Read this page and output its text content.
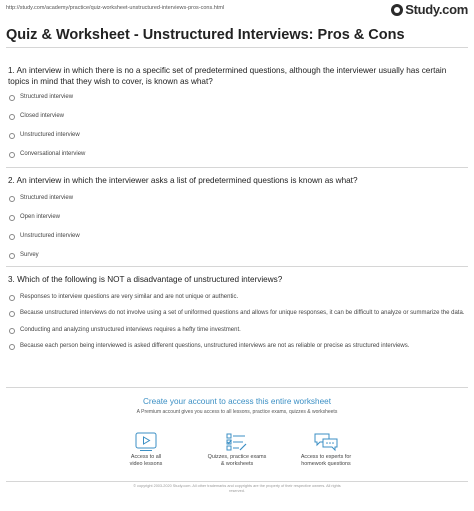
http://study.com/academy/practice/quiz-worksheet-unstructured-interviews-pros-cons.html	Study.com
Quiz & Worksheet - Unstructured Interviews: Pros & Cons

1. An interview in which there is no a specific set of predetermined questions, although the interviewer usually has certain topics in mind that they wish to cover, is known as what?

Structured interview
Closed interview
Unstructured interview
Conversational interview

2. An interview in which the interviewer asks a list of predetermined questions is known as what?

Structured interview
Open interview
Unstructured interview
Survey

3. Which of the following is NOT a disadvantage of unstructured interviews?

Responses to interview questions are very similar and are not unique or authentic.
Because unstructured interviews do not involve using a set of uniformed questions and allows for unique responses, it can be difficult to analyze or summarize the data.
Conducting and analyzing unstructured interviews requires a hefty time investment.
Because each person being interviewed is asked different questions, unstructured interviews are not as reliable or precise as structured interviews.

Create your account to access this entire worksheet

A Premium account gives you access to all lessons, practice exams, quizzes & worksheets
Access to all
video lessons
Quizzes, practice exams
& worksheets
Access to experts for
homework questions
© copyright 2003-2020 Study.com. All other trademarks and copyrights are the property of their respective owners. All rights
reserved.
